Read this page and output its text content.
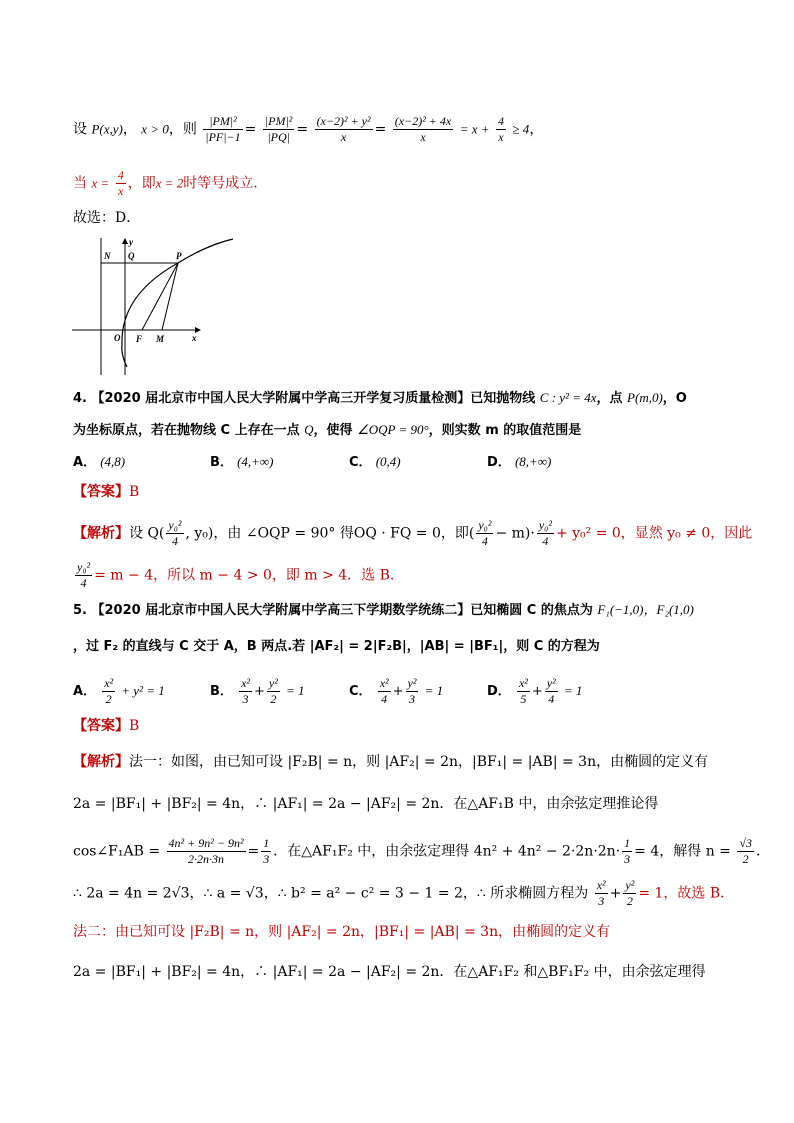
设 P(x,y)， x > 0，则 $\frac{\text{|PM|²}}{|PF|-1} = \frac{\text{|PM|²}}{|PQ|} = \frac{\text{(x−2)² + y²}}{x} = \frac{\text{(x−2)² + 4x}}{x} = x + \frac{4}{x} \ge 4$，
当 $x = \frac{4}{x}$ ，即x = 2时等号成立.
故选：D．
y
x
N Q	P
O F M
4. 【2020 届北京市中国人民大学附属中学高三开学复习质量检测】已知抛物线 C : y² = 4x，点 P(m,0)，O
为坐标原点，若在抛物线 C 上存在一点 Q，使得 ∠OQP = 90°，则实数 m 的取值范围是
A． (4,8)	B． (4,+∞)	C． (0,4)	D． (8,+∞)
【答案】B
【解析】设 $Q( \frac{\text{y₀²}}{4}$ , y₀)，由 ∠OQP = 90° 得OQ · FQ = 0，即( $\frac{\text{y₀²}}{4} - m)\cdot \frac{\text{y₀²}}{4} + y_0^2 = 0$，显然 y₀ ≠ 0，因此
$\frac{\text{y₀²}}{4} = m - 4$，所以 m − 4 > 0，即 m > 4．选 B.
5. 【2020 届北京市中国人民大学附属中学高三下学期数学统练二】已知椭圆 C 的焦点为 F₁(−1,0)，F₂(1,0)
，过 F₂ 的直线与 C 交于 A，B 两点.若 |AF₂| = 2|F₂B|，|AB| = |BF₁|，则 C 的方程为
A． $\frac{\text{x²}}{2} + y^2 = 1$	B． $\frac{\text{x²}}{3} + \frac{\text{y²}}{2} = 1$	C． $\frac{\text{x²}}{4} + \frac{\text{y²}}{3} = 1$	D． $\frac{\text{x²}}{5} + \frac{\text{y²}}{4} = 1$
【答案】B
【解析】法一：如图，由已知可设 |F₂B| = n，则 |AF₂| = 2n，|BF₁| = |AB| = 3n，由椭圆的定义有
2a = |BF₁| + |BF₂| = 4n，∴ |AF₁| = 2a − |AF₂| = 2n．在△AF₁B 中，由余弦定理推论得
cos∠F₁AB = $\frac{\text{4n² + 9n² − 9n²}}{2\cdot 2n\cdot 3n} = \frac{1}{3}$ ．在△AF₁F₂ 中，由余弦定理得 $4n^2 + 4n^2 - 2\cdot 2n\cdot 2n\cdot \frac{1}{3} = 4$，解得 $n = \frac{√3}{2}$ ．
∴ 2a = 4n = 2√3，∴ a = √3，∴ b² = a² − c² = 3 − 1 = 2，∴ 所求椭圆方程为 $\frac{\text{x²}}{3} + \frac{\text{y²}}{2} = 1$，故选 B．
法二：由已知可设 |F₂B| = n，则 |AF₂| = 2n，|BF₁| = |AB| = 3n，由椭圆的定义有
2a = |BF₁| + |BF₂| = 4n，∴ |AF₁| = 2a − |AF₂| = 2n．在△AF₁F₂ 和△BF₁F₂ 中，由余弦定理得
